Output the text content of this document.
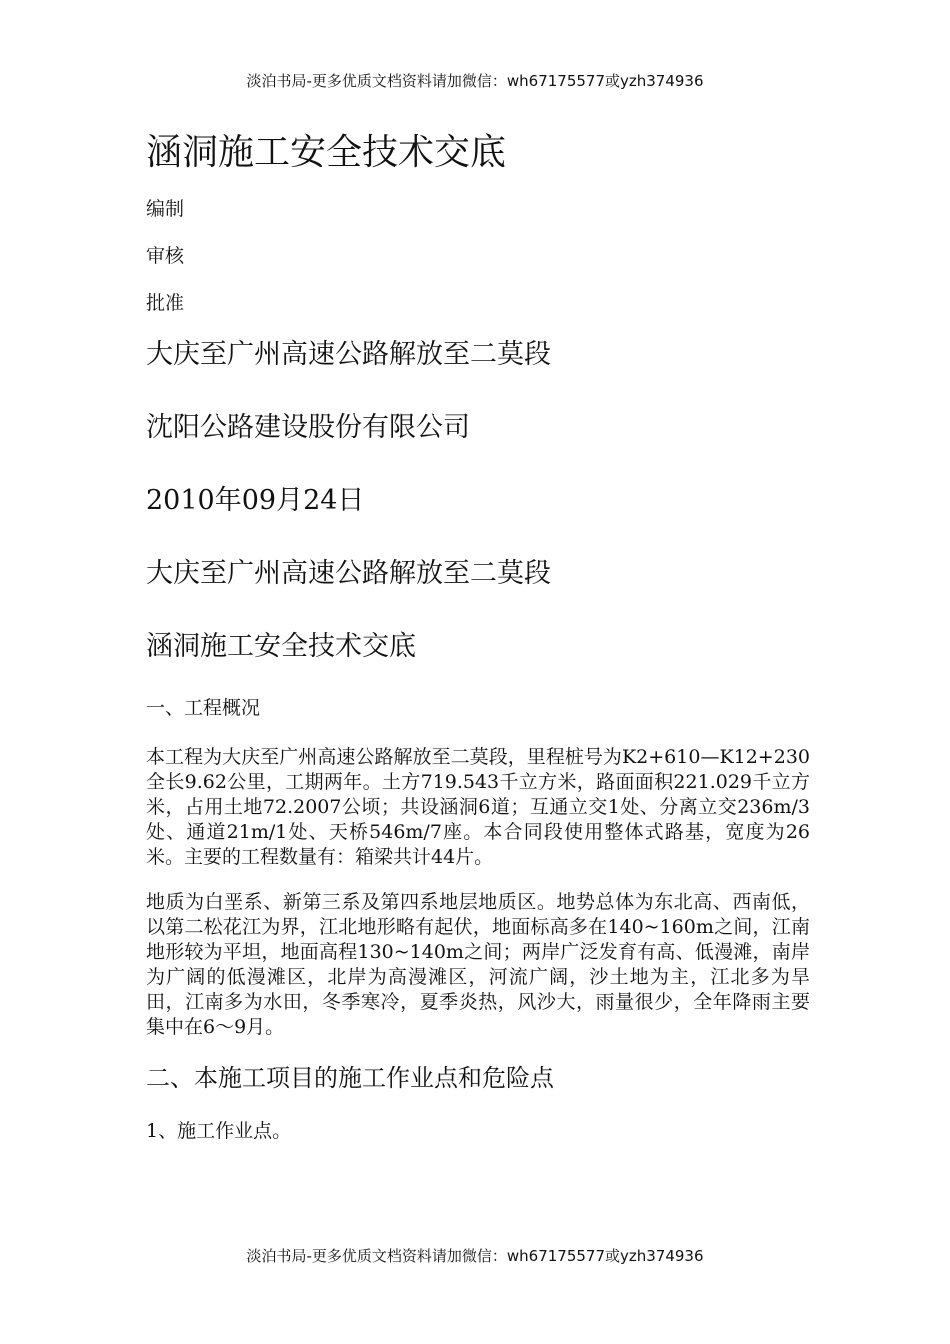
淡泊书局-更多优质文档资料请加微信：wh67175577或yzh374936
涵洞施工安全技术交底

编制

审核

批准

大庆至广州高速公路解放至二莫段

沈阳公路建设股份有限公司

2010年09月24日

大庆至广州高速公路解放至二莫段

涵洞施工安全技术交底

一、工程概况

本工程为大庆至广州高速公路解放至二莫段，里程桩号为K2+610—K12+230全长9.62公里，工期两年。土方719.543千立方米，路面面积221.029千立方米，占用土地72.2007公顷；共设涵洞6道；互通立交1处、分离立交236m/3处、通道21m/1处、天桥546m/7座。本合同段使用整体式路基，宽度为26米。主要的工程数量有：箱梁共计44片。

地质为白垩系、新第三系及第四系地层地质区。地势总体为东北高、西南低，以第二松花江为界，江北地形略有起伏，地面标高多在140~160m之间，江南地形较为平坦，地面高程130~140m之间；两岸广泛发育有高、低漫滩，南岸为广阔的低漫滩区，北岸为高漫滩区，河流广阔，沙土地为主，江北多为旱田，江南多为水田，冬季寒冷，夏季炎热，风沙大，雨量很少，全年降雨主要集中在6～9月。

二、本施工项目的施工作业点和危险点

1、施工作业点。

淡泊书局-更多优质文档资料请加微信：wh67175577或yzh374936
